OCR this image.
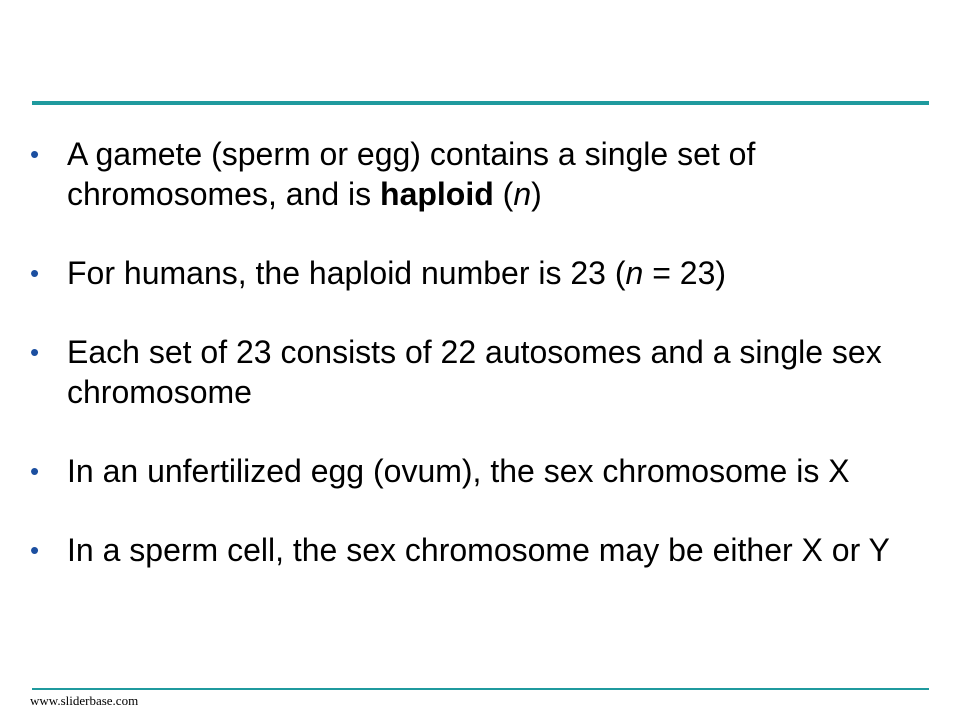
• A gamete (sperm or egg) contains a single set of chromosomes, and is haploid (n)
• For humans, the haploid number is 23 (n = 23)
• Each set of 23 consists of 22 autosomes and a single sex chromosome
• In an unfertilized egg (ovum), the sex chromosome is X
• In a sperm cell, the sex chromosome may be either X or Y
www.sliderbase.com
